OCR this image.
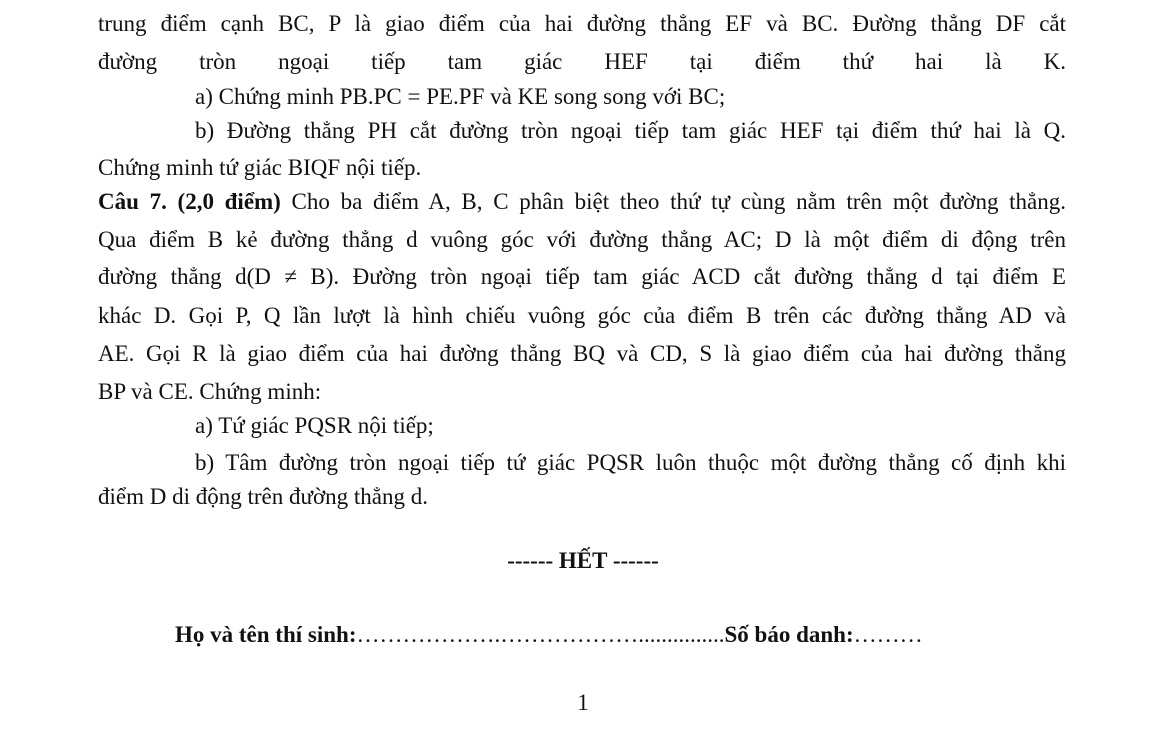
trung điểm cạnh BC, P là giao điểm của hai đường thẳng EF và BC. Đường thẳng DF cắt
đường tròn ngoại tiếp tam giác HEF tại điểm thứ hai là K.
a) Chứng minh PB.PC = PE.PF và KE song song với BC;
b) Đường thẳng PH cắt đường tròn ngoại tiếp tam giác HEF tại điểm thứ hai là Q.
Chứng minh tứ giác BIQF nội tiếp.
Câu 7. (2,0 điểm) Cho ba điểm A, B, C phân biệt theo thứ tự cùng nằm trên một đường thẳng.
Qua điểm B kẻ đường thẳng d vuông góc với đường thẳng AC; D là một điểm di động trên
đường thẳng d(D ≠ B). Đường tròn ngoại tiếp tam giác ACD cắt đường thẳng d tại điểm E
khác D. Gọi P, Q lần lượt là hình chiếu vuông góc của điểm B trên các đường thẳng AD và
AE. Gọi R là giao điểm của hai đường thẳng BQ và CD, S là giao điểm của hai đường thẳng
BP và CE. Chứng minh:
a) Tứ giác PQSR nội tiếp;
b) Tâm đường tròn ngoại tiếp tứ giác PQSR luôn thuộc một đường thẳng cố định khi
điểm D di động trên đường thẳng d.
------ HẾT ------
Họ và tên thí sinh:……………….………………...............Số báo danh:………
1
